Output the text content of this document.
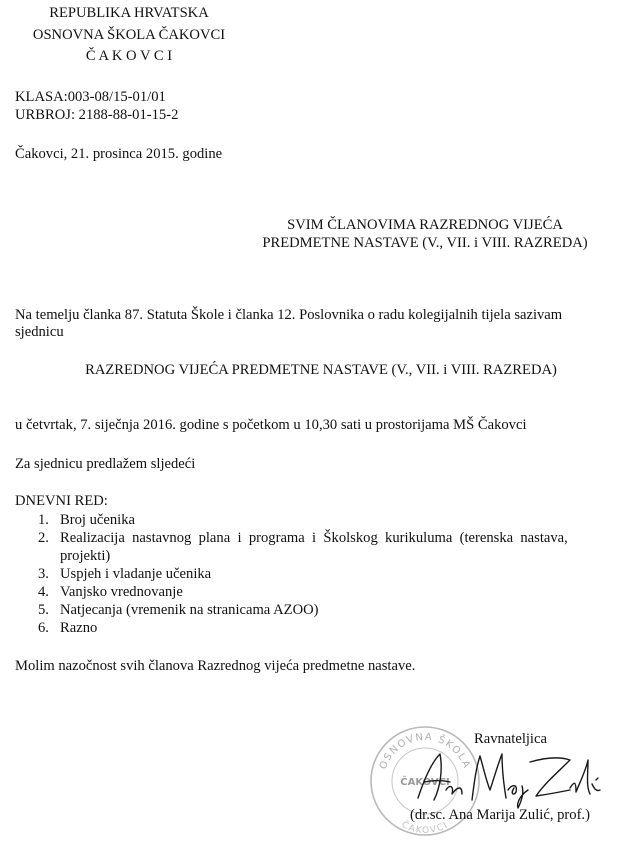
REPUBLIKA HRVATSKA
OSNOVNA ŠKOLA ČAKOVCI
Č A K O V C I
KLASA:003-08/15-01/01
URBROJ: 2188-88-01-15-2
Čakovci, 21. prosinca 2015. godine
SVIM ČLANOVIMA RAZREDNOG VIJEĆA
PREDMETNE NASTAVE (V., VII. i VIII. RAZREDA)
Na temelju članka 87. Statuta Škole i članka 12. Poslovnika o radu kolegijalnih tijela sazivam
sjednicu
RAZREDNOG VIJEĆA PREDMETNE NASTAVE (V., VII. i VIII. RAZREDA)
u četvrtak, 7. siječnja 2016. godine s početkom u 10,30 sati u prostorijama MŠ Čakovci
Za sjednicu predlažem sljedeći
DNEVNI RED:
1. Broj učenika
2. Realizacija  nastavnog  plana  i  programa  i  Školskog  kurikuluma  (terenska  nastava,
projekti)
3. Uspjeh i vladanje učenika
4. Vanjsko vrednovanje
5. Natjecanja (vremenik na stranicama AZOO)
6. Razno
Molim nazočnost svih članova Razrednog vijeća predmetne nastave.
Ravnateljica
OSNOVNA ŠKOLA
ČAKOVCI
ČAKOVCI
(dr.sc. Ana Marija Zulić, prof.)
